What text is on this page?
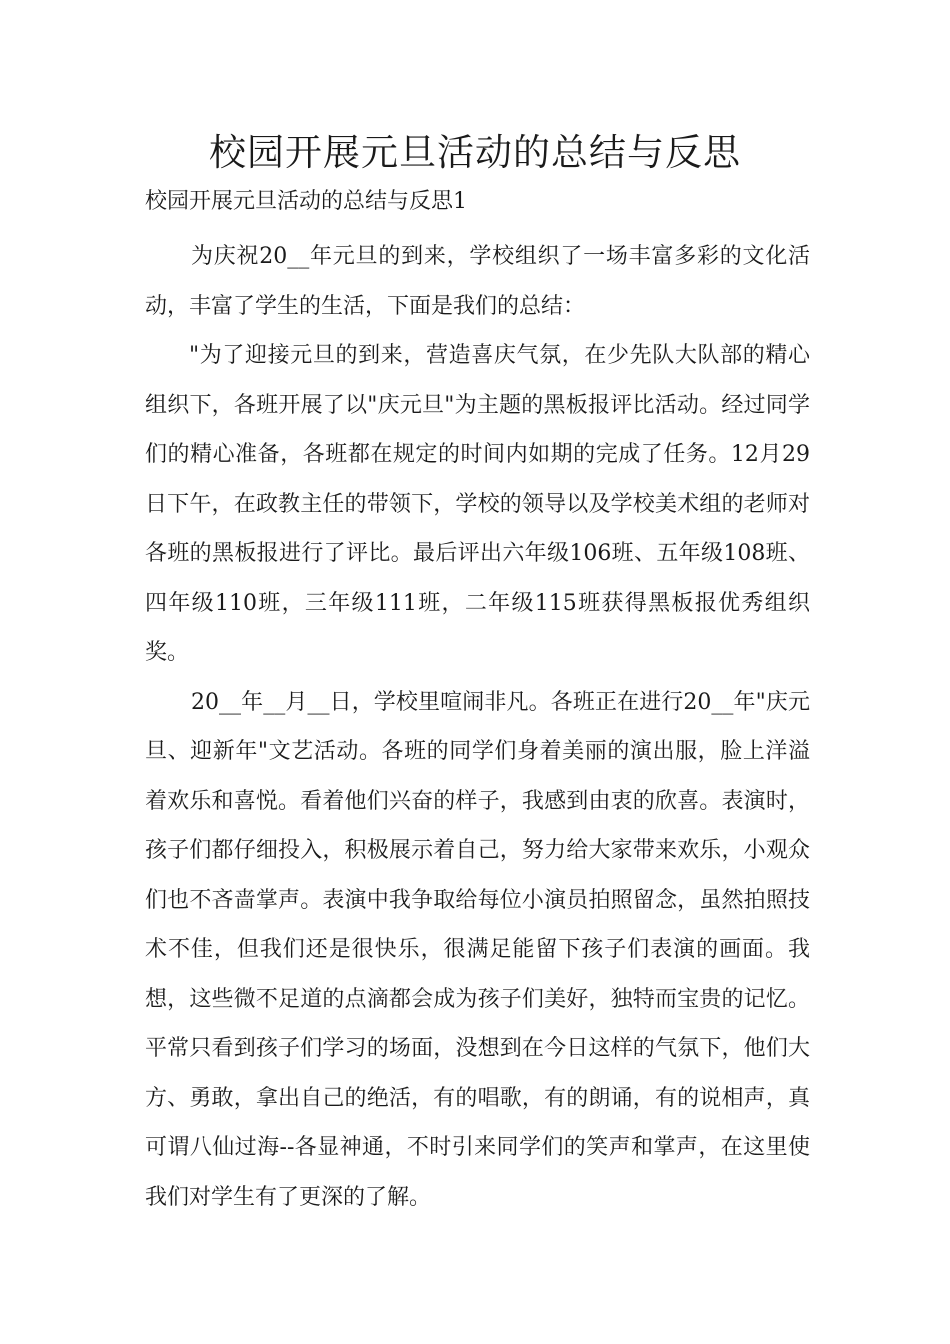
校园开展元旦活动的总结与反思

校园开展元旦活动的总结与反思1

为庆祝20__年元旦的到来，学校组织了一场丰富多彩的文化活动，丰富了学生的生活，下面是我们的总结：

"为了迎接元旦的到来，营造喜庆气氛，在少先队大队部的精心组织下，各班开展了以"庆元旦"为主题的黑板报评比活动。经过同学们的精心准备，各班都在规定的时间内如期的完成了任务。12月29日下午，在政教主任的带领下，学校的领导以及学校美术组的老师对各班的黑板报进行了评比。最后评出六年级106班、五年级108班、四年级110班，三年级111班，二年级115班获得黑板报优秀组织奖。

20__年__月__日，学校里喧闹非凡。各班正在进行20__年"庆元旦、迎新年"文艺活动。各班的同学们身着美丽的演出服，脸上洋溢着欢乐和喜悦。看着他们兴奋的样子，我感到由衷的欣喜。表演时，孩子们都仔细投入，积极展示着自己，努力给大家带来欢乐，小观众们也不吝啬掌声。表演中我争取给每位小演员拍照留念，虽然拍照技术不佳，但我们还是很快乐，很满足能留下孩子们表演的画面。我想，这些微不足道的点滴都会成为孩子们美好，独特而宝贵的记忆。平常只看到孩子们学习的场面，没想到在今日这样的气氛下，他们大方、勇敢，拿出自己的绝活，有的唱歌，有的朗诵，有的说相声，真可谓八仙过海--各显神通，不时引来同学们的笑声和掌声，在这里使我们对学生有了更深的了解。
